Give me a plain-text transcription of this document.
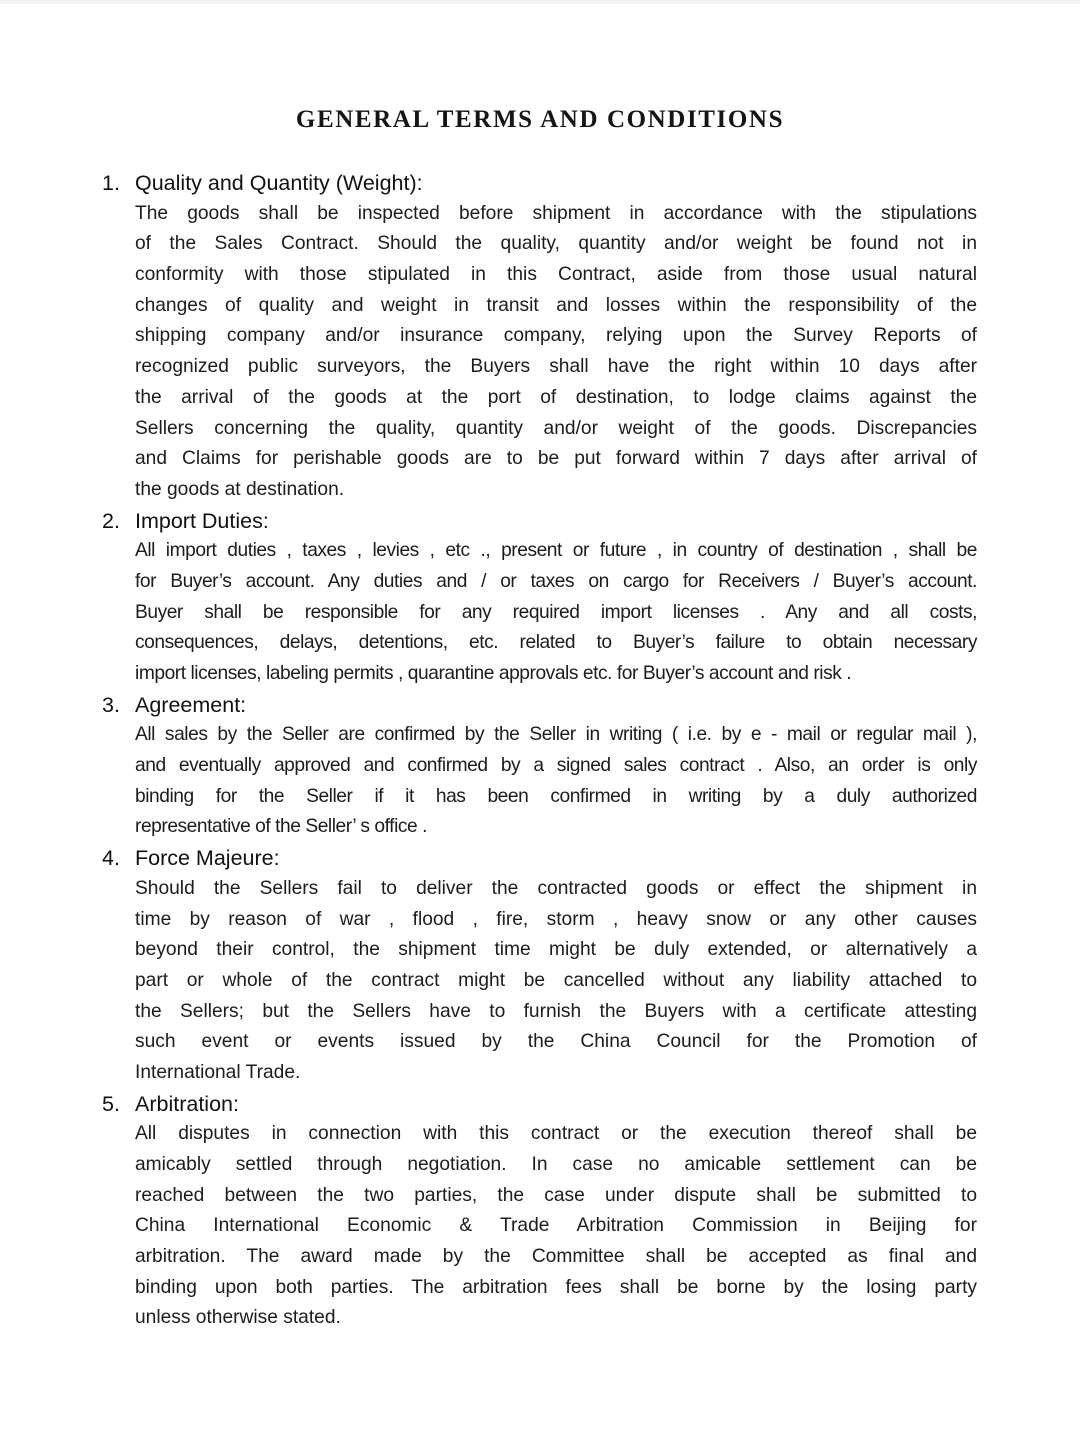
GENERAL TERMS AND CONDITIONS
1. Quality and Quantity (Weight):
The goods shall be inspected before shipment in accordance with the stipulations
of the Sales Contract. Should the quality, quantity and/or weight be found not in
conformity with those stipulated in this Contract, aside from those usual natural
changes of quality and weight in transit and losses within the responsibility of the
shipping company and/or insurance company, relying upon the Survey Reports of
recognized public surveyors, the Buyers shall have the right within 10 days after
the arrival of the goods at the port of destination, to lodge claims against the
Sellers concerning the quality, quantity and/or weight of the goods. Discrepancies
and Claims for perishable goods are to be put forward within 7 days after arrival of
the goods at destination.
2. Import Duties:
All import duties , taxes , levies , etc ., present or future , in country of destination , shall be
for Buyer’s account. Any duties and / or taxes on cargo for Receivers / Buyer’s account.
Buyer shall be responsible for any required import licenses . Any and all costs,
consequences, delays, detentions, etc. related to Buyer’s failure to obtain necessary
import licenses, labeling permits , quarantine approvals etc. for Buyer’s account and risk .
3. Agreement:
All sales by the Seller are confirmed by the Seller in writing ( i.e. by e - mail or regular mail ),
and eventually approved and confirmed by a signed sales contract . Also, an order is only
binding for the Seller if it has been confirmed in writing by a duly authorized
representative of the Seller’ s office .
4. Force Majeure:
Should the Sellers fail to deliver the contracted goods or effect the shipment in
time by reason of war , flood , fire, storm , heavy snow or any other causes
beyond their control, the shipment time might be duly extended, or alternatively a
part or whole of the contract might be cancelled without any liability attached to
the Sellers; but the Sellers have to furnish the Buyers with a certificate attesting
such event or events issued by the China Council for the Promotion of
International Trade.
5. Arbitration:
All disputes in connection with this contract or the execution thereof shall be
amicably settled through negotiation. In case no amicable settlement can be
reached between the two parties, the case under dispute shall be submitted to
China International Economic & Trade Arbitration Commission in Beijing for
arbitration. The award made by the Committee shall be accepted as final and
binding upon both parties. The arbitration fees shall be borne by the losing party
unless otherwise stated.
